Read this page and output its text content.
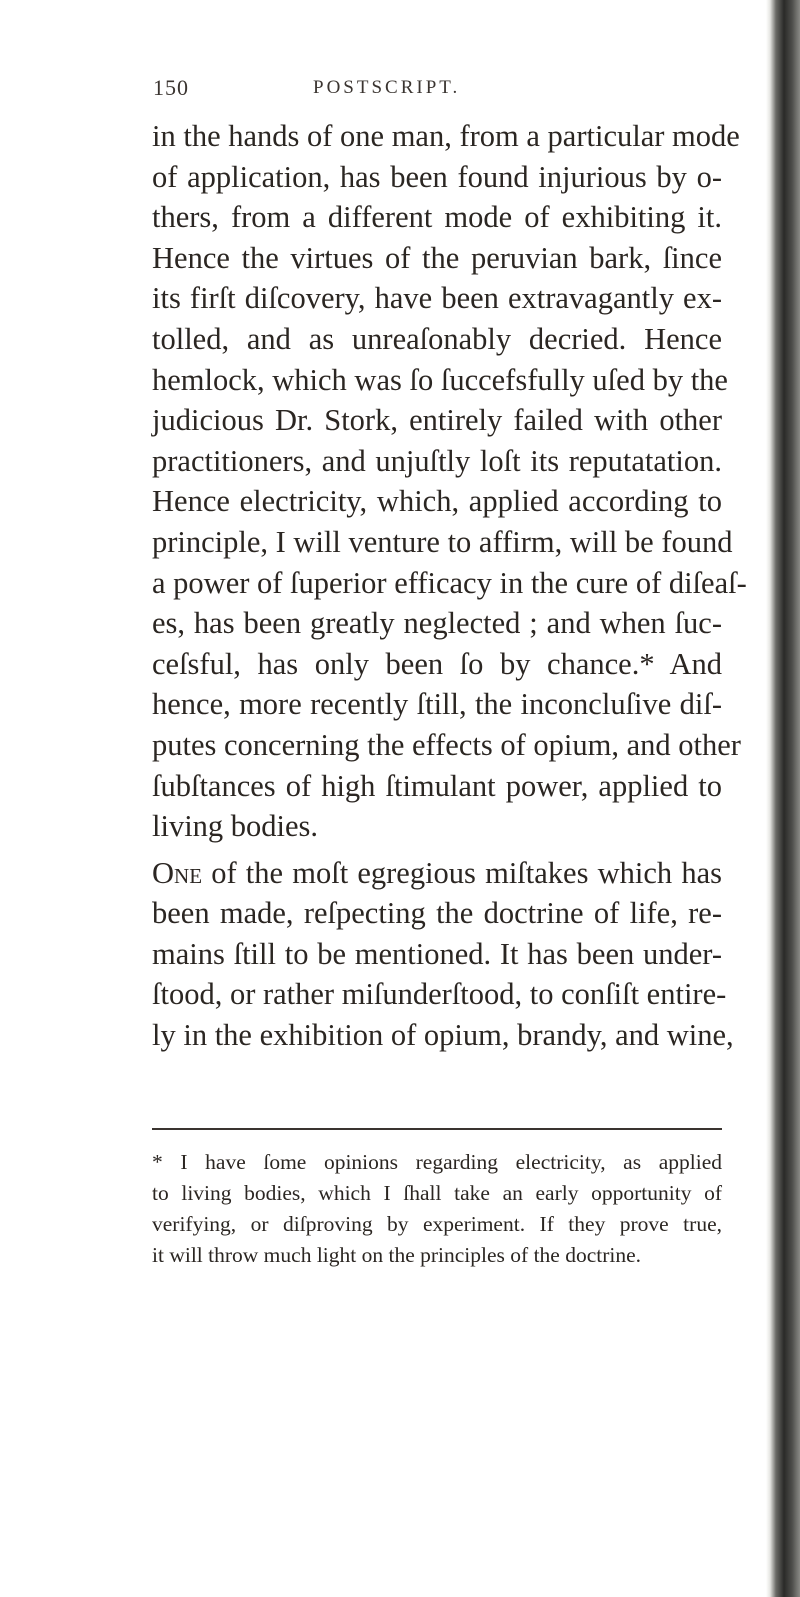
150	POSTSCRIPT.
in the hands of one man, from a particular mode
of application, has been found injurious by o-
thers, from a different mode of exhibiting it.
Hence the virtues of the peruvian bark, ſince
its firſt diſcovery, have been extravagantly ex-
tolled, and as unreaſonably decried. Hence
hemlock, which was ſo ſuccefsfully uſed by the
judicious Dr. Stork, entirely failed with other
practitioners, and unjuſtly loſt its reputatation.
Hence electricity, which, applied according to
principle, I will venture to affirm, will be found
a power of ſuperior efficacy in the cure of diſeaſ-
es, has been greatly neglected ; and when ſuc-
ceſsful, has only been ſo by chance.* And
hence, more recently ſtill, the inconcluſive diſ-
putes concerning the effects of opium, and other
ſubſtances of high ſtimulant power, applied to
living bodies.
One of the moſt egregious miſtakes which has
been made, reſpecting the doctrine of life, re-
mains ſtill to be mentioned. It has been under-
ſtood, or rather miſunderſtood, to conſiſt entire-
ly in the exhibition of opium, brandy, and wine,
* I have ſome opinions regarding electricity, as applied
to living bodies, which I ſhall take an early opportunity of
verifying, or diſproving by experiment. If they prove true,
it will throw much light on the principles of the doctrine.
